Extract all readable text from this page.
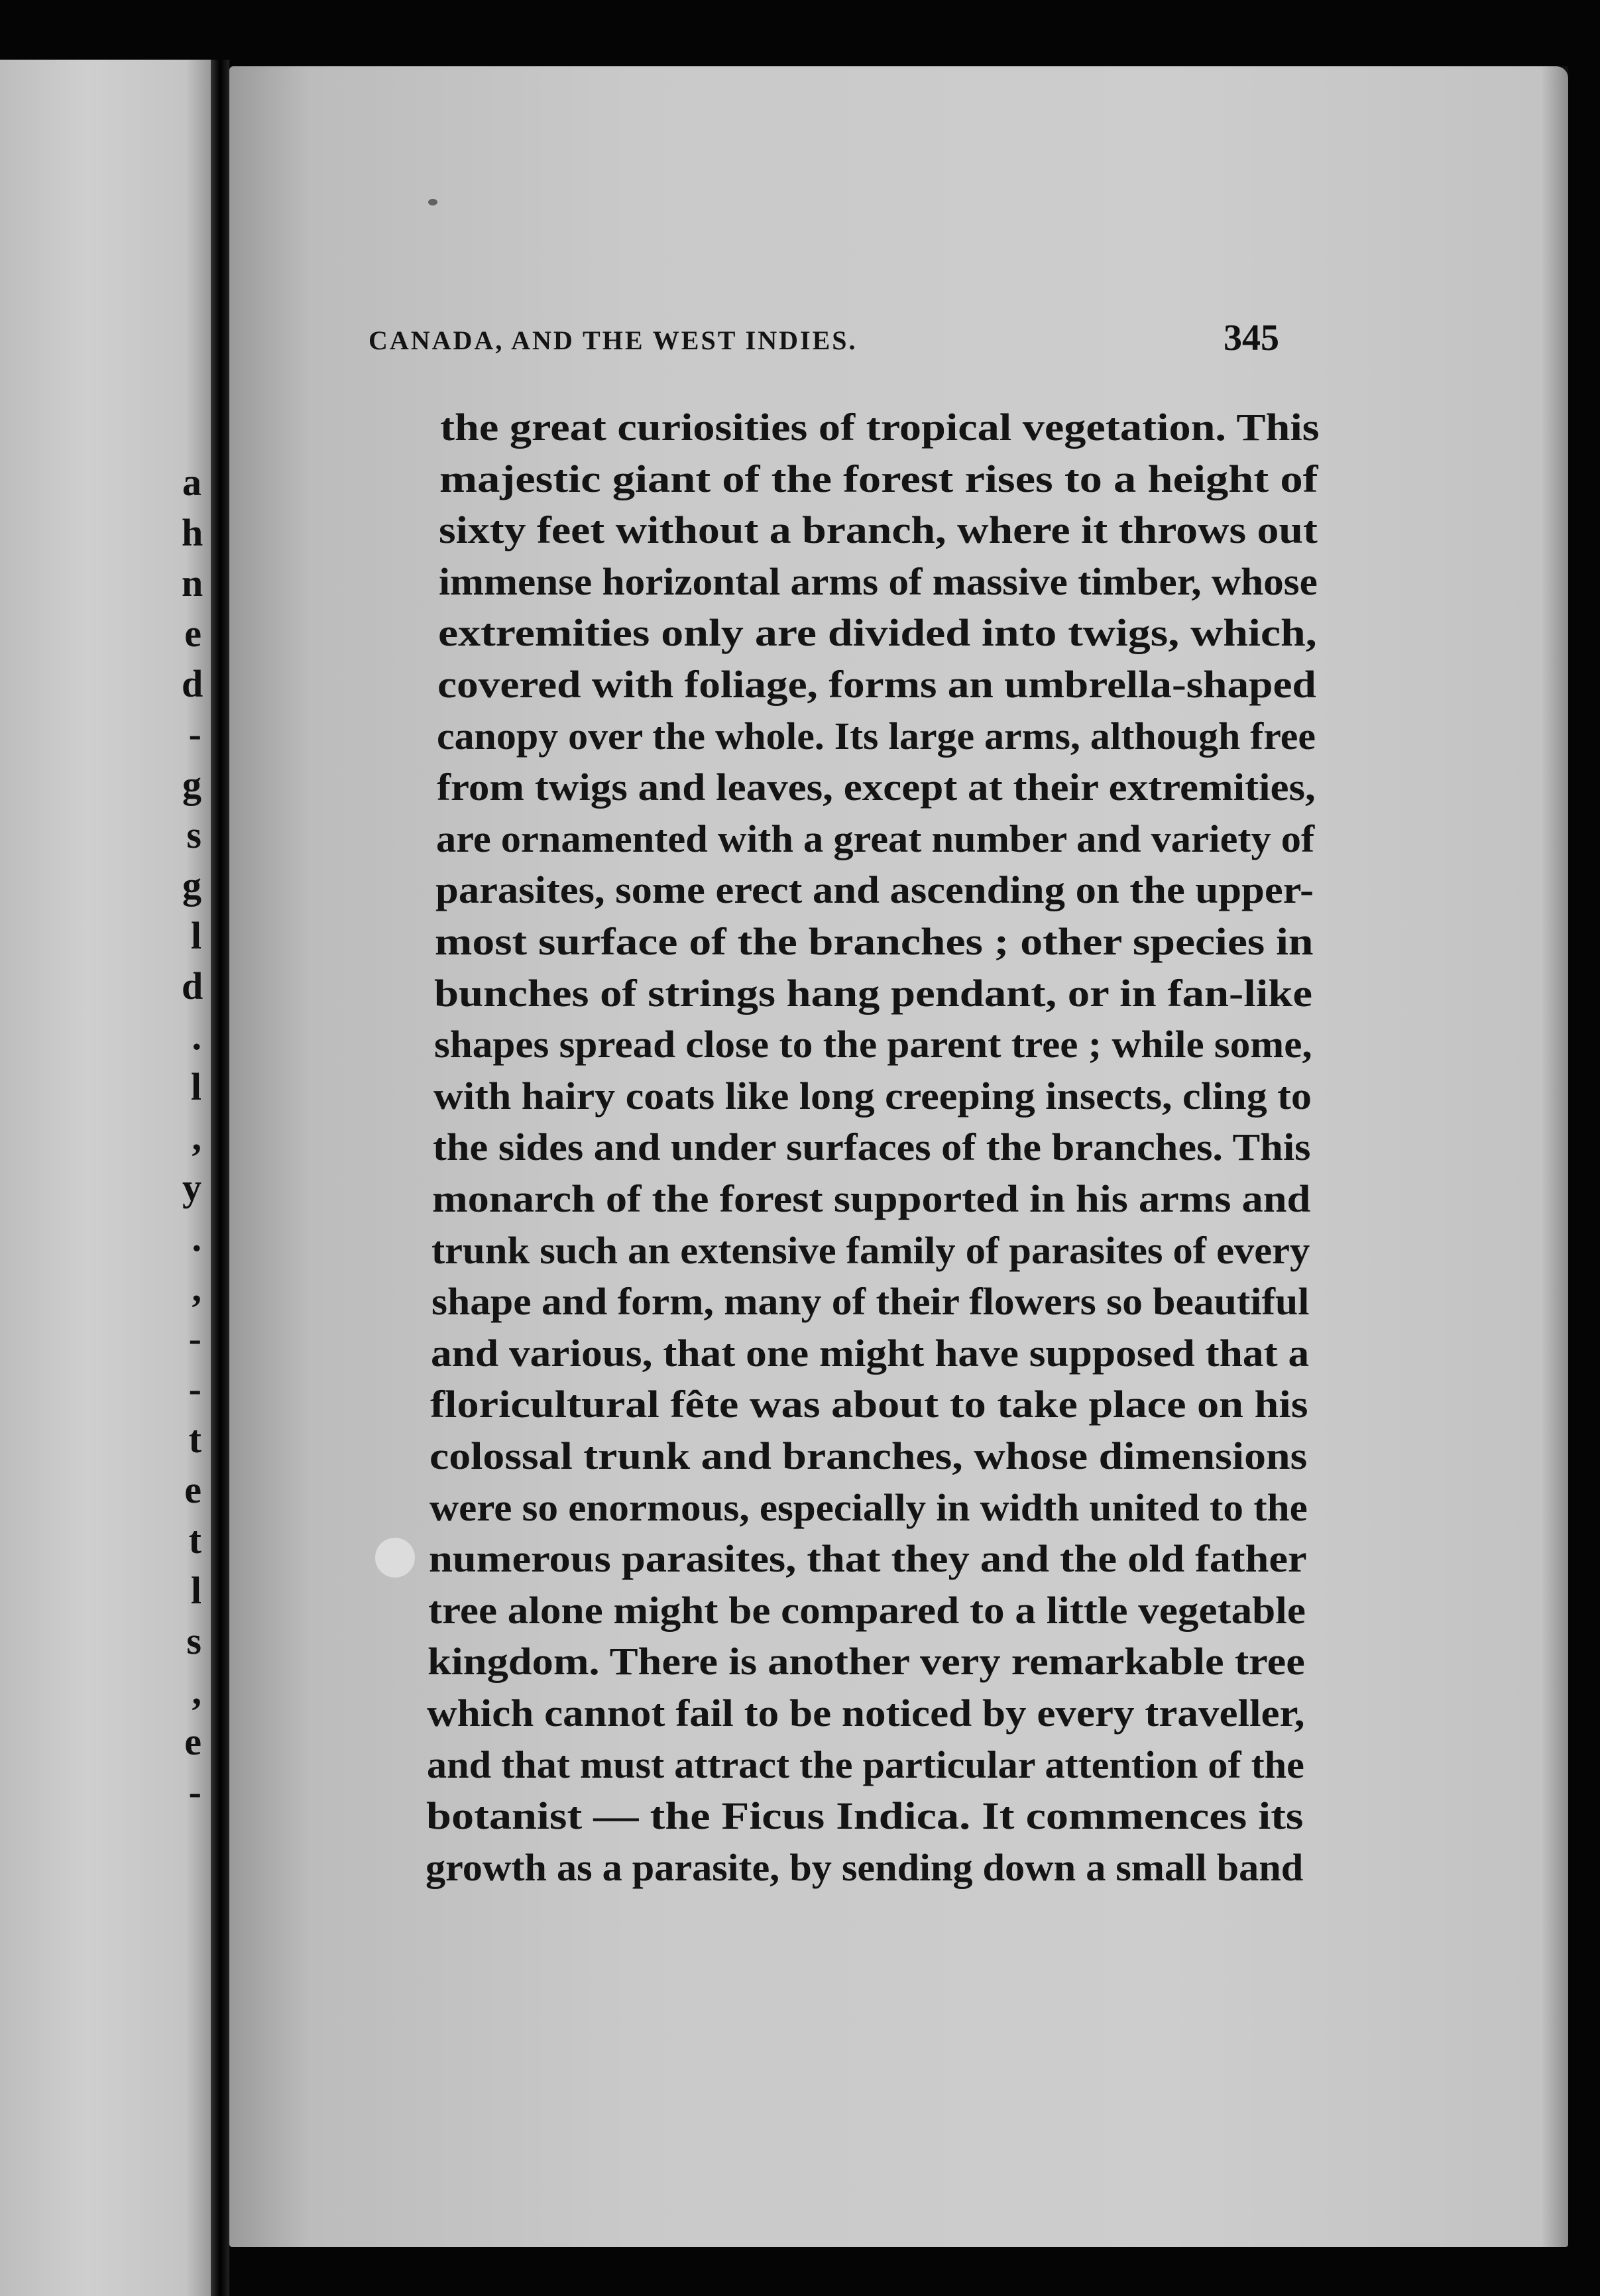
a
h
n
e
d
-
g
s
g
l
d
.
l
,
y
.
,
-
-
t
e
t
l
s
,
e
-
CANADA, AND THE WEST INDIES.	345
the great curiosities of tropical vegetation. This
majestic giant of the forest rises to a height of
sixty feet without a branch, where it throws out
immense horizontal arms of massive timber, whose
extremities only are divided into twigs, which,
covered with foliage, forms an umbrella-shaped
canopy over the whole. Its large arms, although free
from twigs and leaves, except at their extremities,
are ornamented with a great number and variety of
parasites, some erect and ascending on the upper-
most surface of the branches ; other species in
bunches of strings hang pendant, or in fan-like
shapes spread close to the parent tree ; while some,
with hairy coats like long creeping insects, cling to
the sides and under surfaces of the branches. This
monarch of the forest supported in his arms and
trunk such an extensive family of parasites of every
shape and form, many of their flowers so beautiful
and various, that one might have supposed that a
floricultural fête was about to take place on his
colossal trunk and branches, whose dimensions
were so enormous, especially in width united to the
numerous parasites, that they and the old father
tree alone might be compared to a little vegetable
kingdom. There is another very remarkable tree
which cannot fail to be noticed by every traveller,
and that must attract the particular attention of the
botanist — the Ficus Indica. It commences its
growth as a parasite, by sending down a small band
